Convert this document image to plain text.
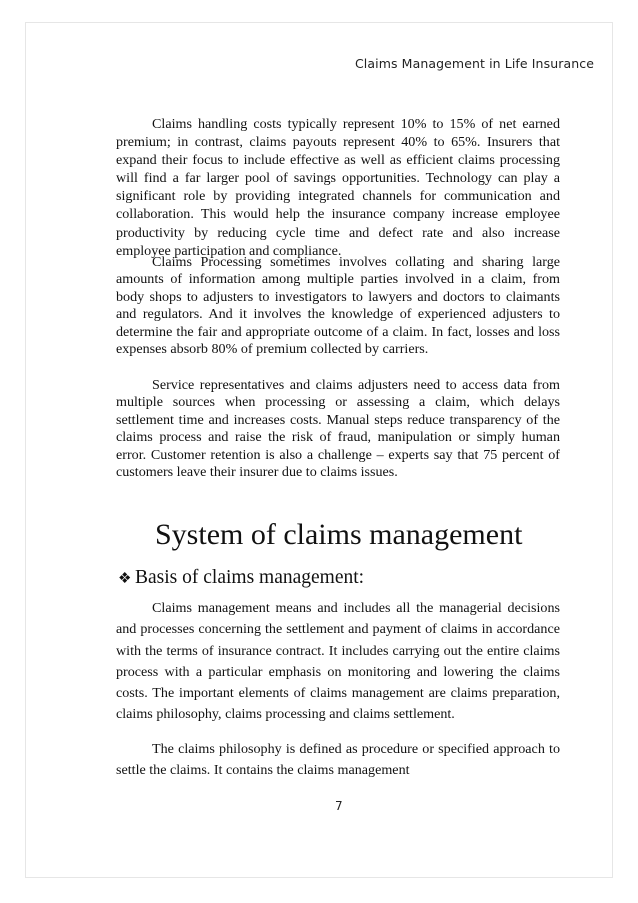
Claims Management in Life Insurance

Claims handling costs typically represent 10% to 15% of net earned premium; in contrast, claims payouts represent 40% to 65%. Insurers that expand their focus to include effective as well as efficient claims processing will find a far larger pool of savings opportunities. Technology can play a significant role by providing integrated channels for communication and collaboration. This would help the insurance company increase employee productivity by reducing cycle time and defect rate and also increase employee participation and compliance.

Claims Processing sometimes involves collating and sharing large amounts of information among multiple parties involved in a claim, from body shops to adjusters to investigators to lawyers and doctors to claimants and regulators. And it involves the knowledge of experienced adjusters to determine the fair and appropriate outcome of a claim. In fact, losses and loss expenses absorb 80% of premium collected by carriers.

Service representatives and claims adjusters need to access data from multiple sources when processing or assessing a claim, which delays settlement time and increases costs. Manual steps reduce transparency of the claims process and raise the risk of fraud, manipulation or simply human error. Customer retention is also a challenge – experts say that 75 percent of customers leave their insurer due to claims issues.

System of claims management
❖ Basis of claims management:

Claims management means and includes all the managerial decisions and processes concerning the settlement and payment of claims in accordance with the terms of insurance contract. It includes carrying out the entire claims process with a particular emphasis on monitoring and lowering the claims costs. The important elements of claims management are claims preparation, claims philosophy, claims processing and claims settlement.

The claims philosophy is defined as procedure or specified approach to settle the claims. It contains the claims management

7
